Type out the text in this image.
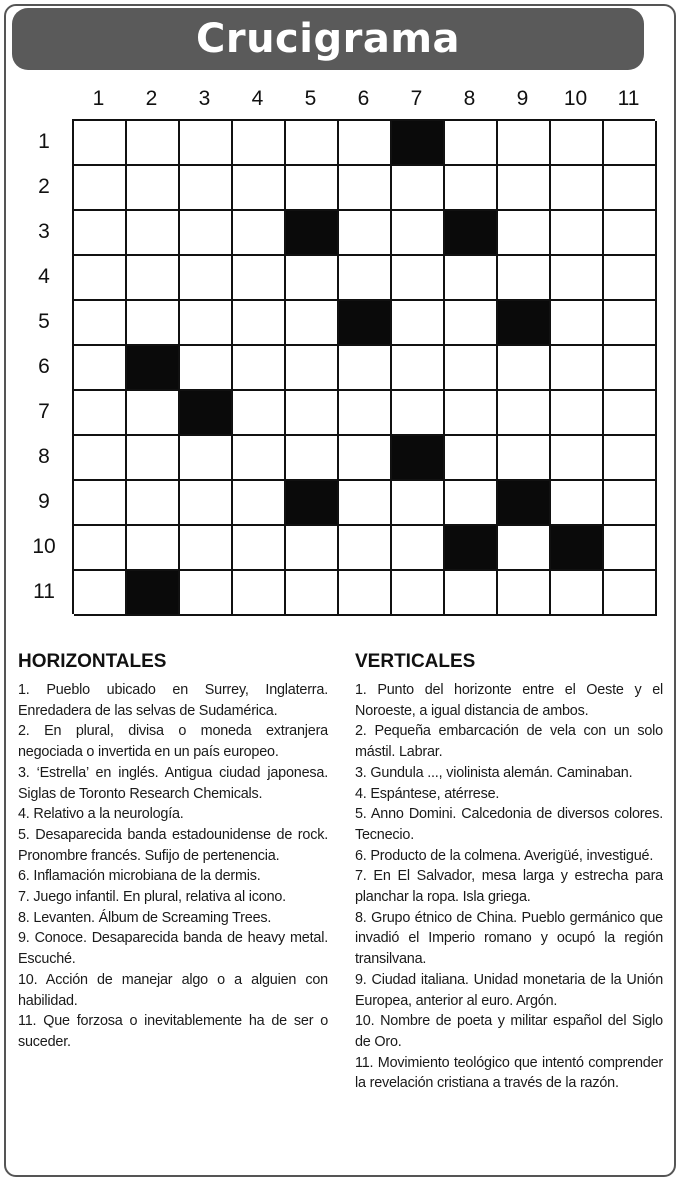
Crucigrama
1	2	3	4	5	6	7	8	9	10	11
1
2
3
4
5
6
7
8
9
10
11
HORIZONTALES
1. Pueblo ubicado en Surrey, Inglaterra. Enredadera de las selvas de Sudamérica.
2. En plural, divisa o moneda extranjera negociada o invertida en un país europeo.
3. ‘Estrella’ en inglés. Antigua ciudad japonesa. Siglas de Toronto Research Chemicals.
4. Relativo a la neurología.
5. Desaparecida banda estadounidense de rock. Pronombre francés. Sufijo de pertenencia.
6. Inflamación microbiana de la dermis.
7. Juego infantil. En plural, relativa al icono.
8. Levanten. Álbum de Screaming Trees.
9. Conoce. Desaparecida banda de heavy metal. Escuché.
10. Acción de manejar algo o a alguien con habilidad.
11. Que forzosa o inevitablemente ha de ser o suceder.
VERTICALES
1. Punto del horizonte entre el Oeste y el Noroeste, a igual distancia de ambos.
2. Pequeña embarcación de vela con un solo mástil. Labrar.
3. Gundula ..., violinista alemán. Caminaban.
4. Espántese, atérrese.
5. Anno Domini. Calcedonia de diversos colores. Tecnecio.
6. Producto de la colmena. Averigüé, investigué.
7. En El Salvador, mesa larga y estrecha para planchar la ropa. Isla griega.
8. Grupo étnico de China. Pueblo germánico que invadió el Imperio romano y ocupó la región transilvana.
9. Ciudad italiana. Unidad monetaria de la Unión Europea, anterior al euro. Argón.
10. Nombre de poeta y militar español del Siglo de Oro.
11. Movimiento teológico que intentó comprender la revelación cristiana a través de la razón.
